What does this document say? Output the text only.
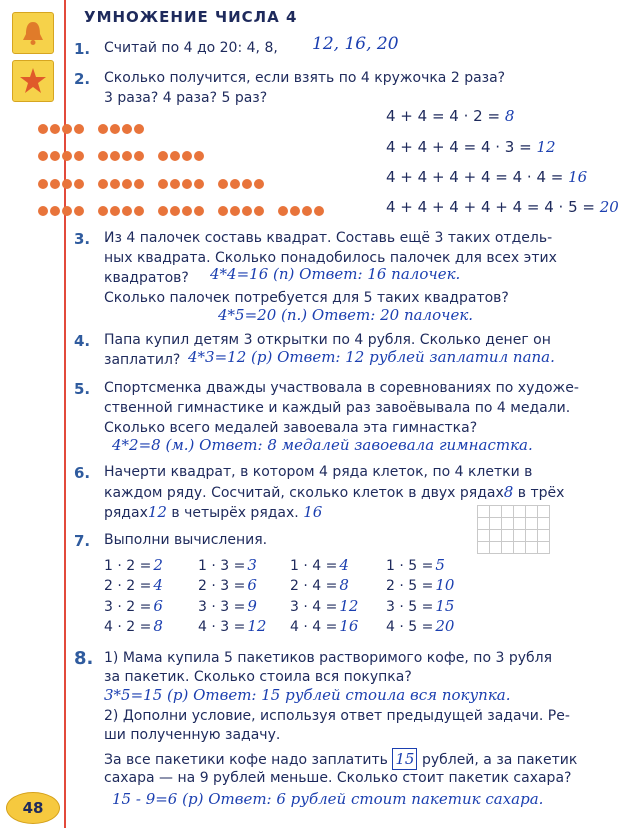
УМНОЖЕНИЕ ЧИСЛА 4
1. Считай по 4 до 20: 4, 8, 12, 16, 20
2. Сколько получится, если взять по 4 кружочка 2 раза?
3 раза? 4 раза? 5 раз?
4 + 4 = 4 · 2 = 8
4 + 4 + 4 = 4 · 3 = 12
4 + 4 + 4 + 4 = 4 · 4 = 16
4 + 4 + 4 + 4 + 4 = 4 · 5 = 20
3. Из 4 палочек составь квадрат. Составь ещё 3 таких отдель-
ных квадрата. Сколько понадобилось палочек для всех этих
квадратов? 4*4=16 (п) Ответ: 16 палочек.
Сколько палочек потребуется для 5 таких квадратов?
4*5=20 (п.) Ответ: 20 палочек.
4. Папа купил детям 3 открытки по 4 рубля. Сколько денег он
заплатил? 4*3=12 (р) Ответ: 12 рублей заплатил папа.
5. Спортсменка дважды участвовала в соревнованиях по художе-
ственной гимнастике и каждый раз завоёвывала по 4 медали.
Сколько всего медалей завоевала эта гимнастка?
4*2=8 (м.) Ответ: 8 медалей завоевала гимнастка.
6. Начерти квадрат, в котором 4 ряда клеток, по 4 клетки в
каждом ряду. Сосчитай, сколько клеток в двух рядах8 в трёх
рядах12 в четырёх рядах. 16
7. Выполни вычисления.
1 · 2 = 2
2 · 2 = 4
3 · 2 = 6
4 · 2 = 8
1 · 3 = 3
2 · 3 = 6
3 · 3 = 9
4 · 3 = 12
1 · 4 = 4
2 · 4 = 8
3 · 4 = 12
4 · 4 = 16
1 · 5 = 5
2 · 5 = 10
3 · 5 = 15
4 · 5 = 20
8. 1) Мама купила 5 пакетиков растворимого кофе, по 3 рубля
за пакетик. Сколько стоила вся покупка?
3*5=15 (р) Ответ: 15 рублей стоила вся покупка.
2) Дополни условие, используя ответ предыдущей задачи. Ре-
ши полученную задачу.
За все пакетики кофе надо заплатить 15 рублей, а за пакетик
сахара — на 9 рублей меньше. Сколько стоит пакетик сахара?
15 - 9=6 (р) Ответ: 6 рублей стоит пакетик сахара.
48
